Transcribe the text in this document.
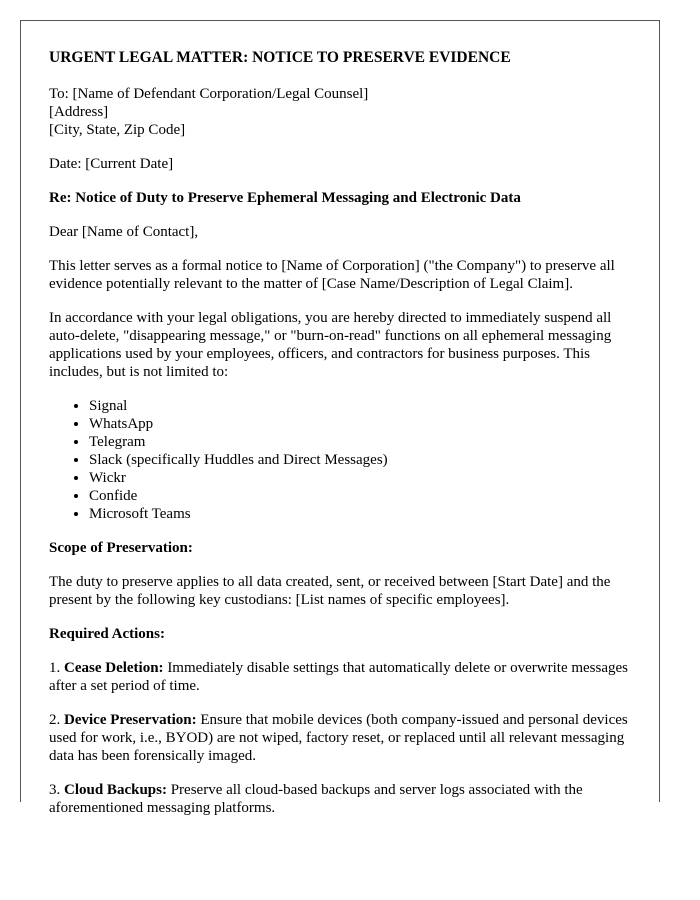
URGENT LEGAL MATTER: NOTICE TO PRESERVE EVIDENCE

To: [Name of Defendant Corporation/Legal Counsel]
[Address]
[City, State, Zip Code]

Date: [Current Date]

Re: Notice of Duty to Preserve Ephemeral Messaging and Electronic Data

Dear [Name of Contact],

This letter serves as a formal notice to [Name of Corporation] ("the Company") to preserve all evidence potentially relevant to the matter of [Case Name/Description of Legal Claim].

In accordance with your legal obligations, you are hereby directed to immediately suspend all auto-delete, "disappearing message," or "burn-on-read" functions on all ephemeral messaging applications used by your employees, officers, and contractors for business purposes. This includes, but is not limited to:

• Signal
• WhatsApp
• Telegram
• Slack (specifically Huddles and Direct Messages)
• Wickr
• Confide
• Microsoft Teams

Scope of Preservation:

The duty to preserve applies to all data created, sent, or received between [Start Date] and the present by the following key custodians: [List names of specific employees].

Required Actions:

1. Cease Deletion: Immediately disable settings that automatically delete or overwrite messages after a set period of time.

2. Device Preservation: Ensure that mobile devices (both company-issued and personal devices used for work, i.e., BYOD) are not wiped, factory reset, or replaced until all relevant messaging data has been forensically imaged.

3. Cloud Backups: Preserve all cloud-based backups and server logs associated with the aforementioned messaging platforms.
